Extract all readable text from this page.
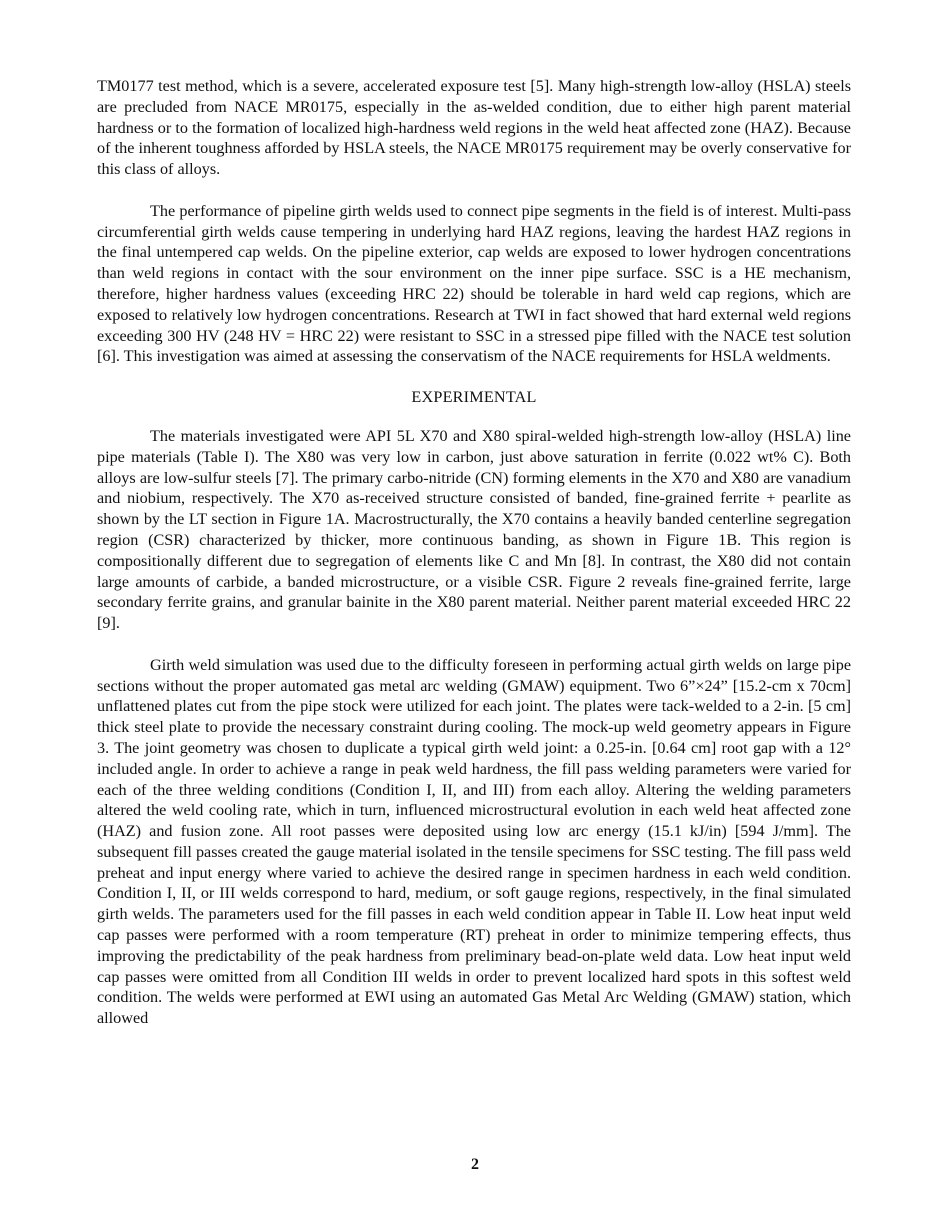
TM0177 test method, which is a severe, accelerated exposure test [5]. Many high-strength low-alloy (HSLA) steels are precluded from NACE MR0175, especially in the as-welded condition, due to either high parent material hardness or to the formation of localized high-hardness weld regions in the weld heat affected zone (HAZ). Because of the inherent toughness afforded by HSLA steels, the NACE MR0175 requirement may be overly conservative for this class of alloys.

The performance of pipeline girth welds used to connect pipe segments in the field is of interest. Multi-pass circumferential girth welds cause tempering in underlying hard HAZ regions, leaving the hardest HAZ regions in the final untempered cap welds. On the pipeline exterior, cap welds are exposed to lower hydrogen concentrations than weld regions in contact with the sour environment on the inner pipe surface. SSC is a HE mechanism, therefore, higher hardness values (exceeding HRC 22) should be tolerable in hard weld cap regions, which are exposed to relatively low hydrogen concentrations. Research at TWI in fact showed that hard external weld regions exceeding 300 HV (248 HV = HRC 22) were resistant to SSC in a stressed pipe filled with the NACE test solution [6]. This investigation was aimed at assessing the conservatism of the NACE requirements for HSLA weldments.

EXPERIMENTAL

The materials investigated were API 5L X70 and X80 spiral-welded high-strength low-alloy (HSLA) line pipe materials (Table I). The X80 was very low in carbon, just above saturation in ferrite (0.022 wt% C). Both alloys are low-sulfur steels [7]. The primary carbo-nitride (CN) forming elements in the X70 and X80 are vanadium and niobium, respectively. The X70 as-received structure consisted of banded, fine-grained ferrite + pearlite as shown by the LT section in Figure 1A. Macrostructurally, the X70 contains a heavily banded centerline segregation region (CSR) characterized by thicker, more continuous banding, as shown in Figure 1B. This region is compositionally different due to segregation of elements like C and Mn [8]. In contrast, the X80 did not contain large amounts of carbide, a banded microstructure, or a visible CSR. Figure 2 reveals fine-grained ferrite, large secondary ferrite grains, and granular bainite in the X80 parent material. Neither parent material exceeded HRC 22 [9].

Girth weld simulation was used due to the difficulty foreseen in performing actual girth welds on large pipe sections without the proper automated gas metal arc welding (GMAW) equipment. Two 6”×24” [15.2-cm x 70cm] unflattened plates cut from the pipe stock were utilized for each joint. The plates were tack-welded to a 2-in. [5 cm] thick steel plate to provide the necessary constraint during cooling. The mock-up weld geometry appears in Figure 3. The joint geometry was chosen to duplicate a typical girth weld joint: a 0.25-in. [0.64 cm] root gap with a 12° included angle. In order to achieve a range in peak weld hardness, the fill pass welding parameters were varied for each of the three welding conditions (Condition I, II, and III) from each alloy. Altering the welding parameters altered the weld cooling rate, which in turn, influenced microstructural evolution in each weld heat affected zone (HAZ) and fusion zone. All root passes were deposited using low arc energy (15.1 kJ/in) [594 J/mm]. The subsequent fill passes created the gauge material isolated in the tensile specimens for SSC testing. The fill pass weld preheat and input energy where varied to achieve the desired range in specimen hardness in each weld condition. Condition I, II, or III welds correspond to hard, medium, or soft gauge regions, respectively, in the final simulated girth welds. The parameters used for the fill passes in each weld condition appear in Table II. Low heat input weld cap passes were performed with a room temperature (RT) preheat in order to minimize tempering effects, thus improving the predictability of the peak hardness from preliminary bead-on-plate weld data. Low heat input weld cap passes were omitted from all Condition III welds in order to prevent localized hard spots in this softest weld condition. The welds were performed at EWI using an automated Gas Metal Arc Welding (GMAW) station, which allowed

2
